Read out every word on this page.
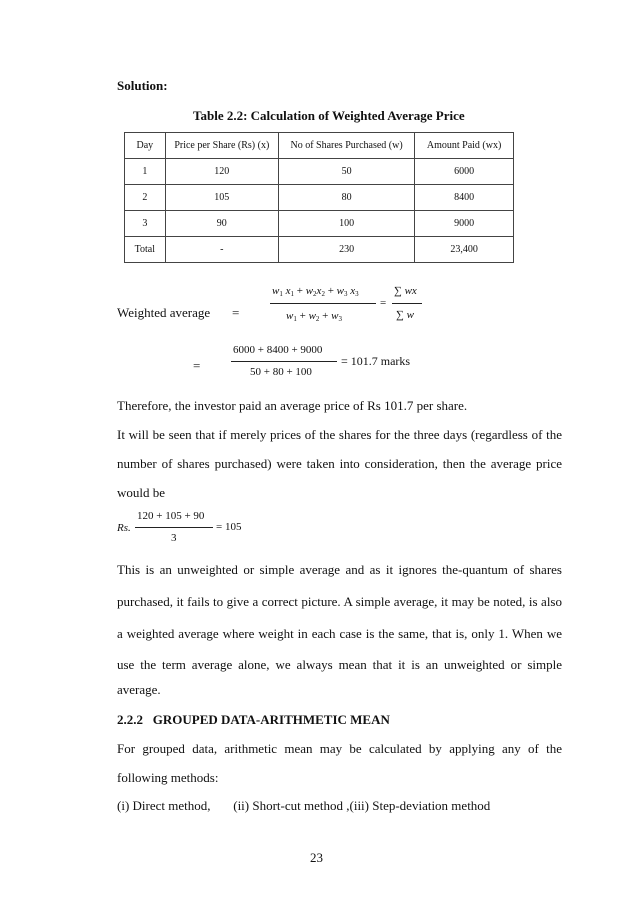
Solution:
Table 2.2: Calculation of Weighted Average Price
Day	Price per Share (Rs) (x)	No of Shares Purchased (w)	Amount Paid (wx)
1	120	50	6000
2	105	80	8400
3	90	100	9000
Total	-	230	23,400
Weighted average =
$w_1$ $x_1 + w_2x_2 + w_3$ $x_3$
$w_1 + w_2 + w_3$
=
∑ wx
∑ w
=
6000 + 8400 + 9000
50 + 80 + 100
= 101.7 marks
Therefore, the investor paid an average price of Rs 101.7 per share.
It will be seen that if merely prices of the shares for the three days (regardless of the
number of shares purchased) were taken into consideration, then the average price
would be
Rs.
120 + 105 + 90
3
= 105
This is an unweighted or simple average and as it ignores the-quantum of shares
purchased, it fails to give a correct picture. A simple average, it may be noted, is also
a weighted average where weight in each case is the same, that is, only 1. When we
use the term average alone, we always mean that it is an unweighted or simple
average.
2.2.2   GROUPED DATA-ARITHMETIC MEAN
For grouped data, arithmetic mean may be calculated by applying any of the
following methods:
(i) Direct method,       (ii) Short-cut method ,(iii) Step-deviation method
23
